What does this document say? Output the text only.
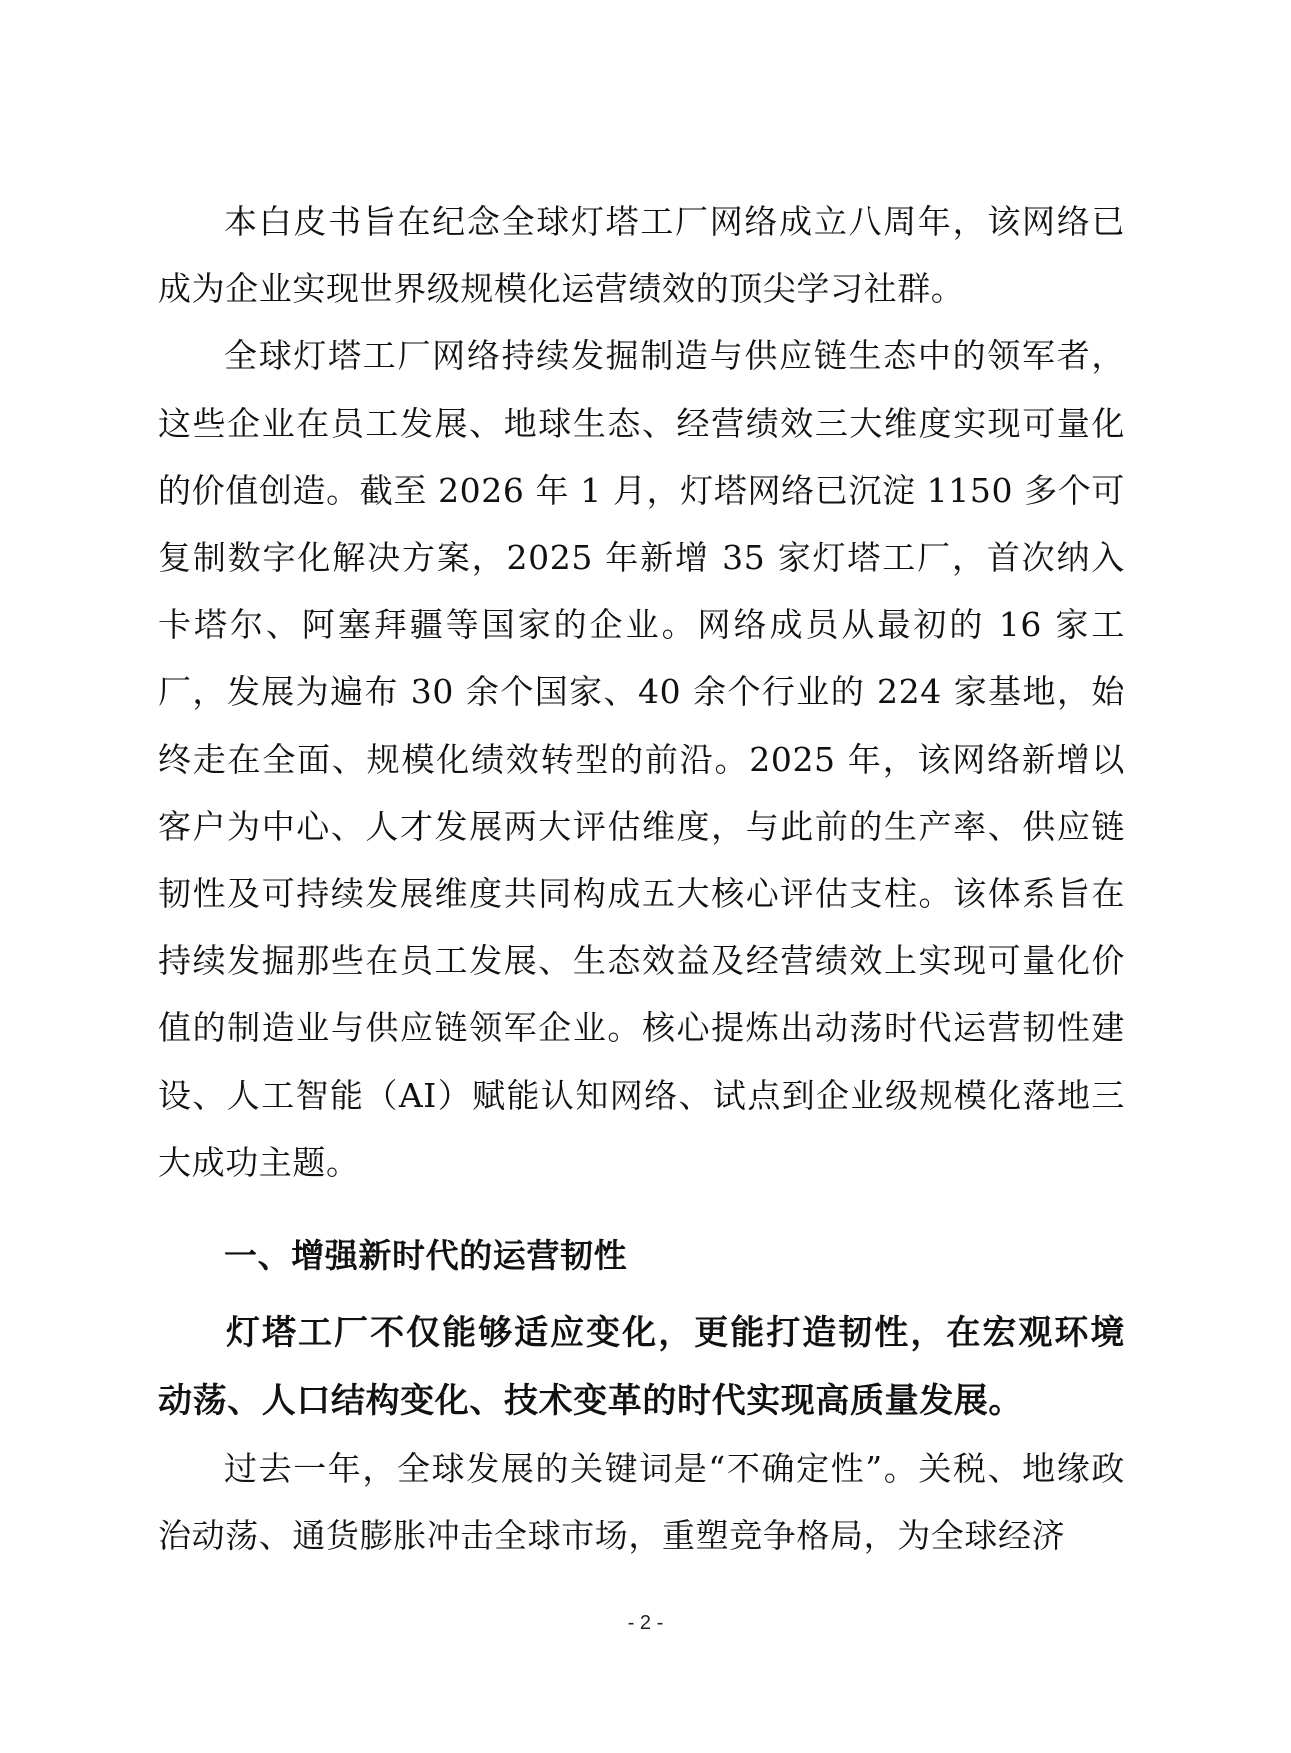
本白皮书旨在纪念全球灯塔工厂网络成立八周年，该网络已成为企业实现世界级规模化运营绩效的顶尖学习社群。

全球灯塔工厂网络持续发掘制造与供应链生态中的领军者，这些企业在员工发展、地球生态、经营绩效三大维度实现可量化的价值创造。截至 2026 年 1 月，灯塔网络已沉淀 1150 多个可复制数字化解决方案，2025 年新增 35 家灯塔工厂，首次纳入卡塔尔、阿塞拜疆等国家的企业。网络成员从最初的 16 家工厂，发展为遍布 30 余个国家、40 余个行业的 224 家基地，始终走在全面、规模化绩效转型的前沿。2025 年，该网络新增以客户为中心、人才发展两大评估维度，与此前的生产率、供应链韧性及可持续发展维度共同构成五大核心评估支柱。该体系旨在持续发掘那些在员工发展、生态效益及经营绩效上实现可量化价值的制造业与供应链领军企业。核心提炼出动荡时代运营韧性建设、人工智能（AI）赋能认知网络、试点到企业级规模化落地三大成功主题。

一、增强新时代的运营韧性

灯塔工厂不仅能够适应变化，更能打造韧性，在宏观环境动荡、人口结构变化、技术变革的时代实现高质量发展。

过去一年，全球发展的关键词是“不确定性”。关税、地缘政治动荡、通货膨胀冲击全球市场，重塑竞争格局，为全球经济

- 2 -
